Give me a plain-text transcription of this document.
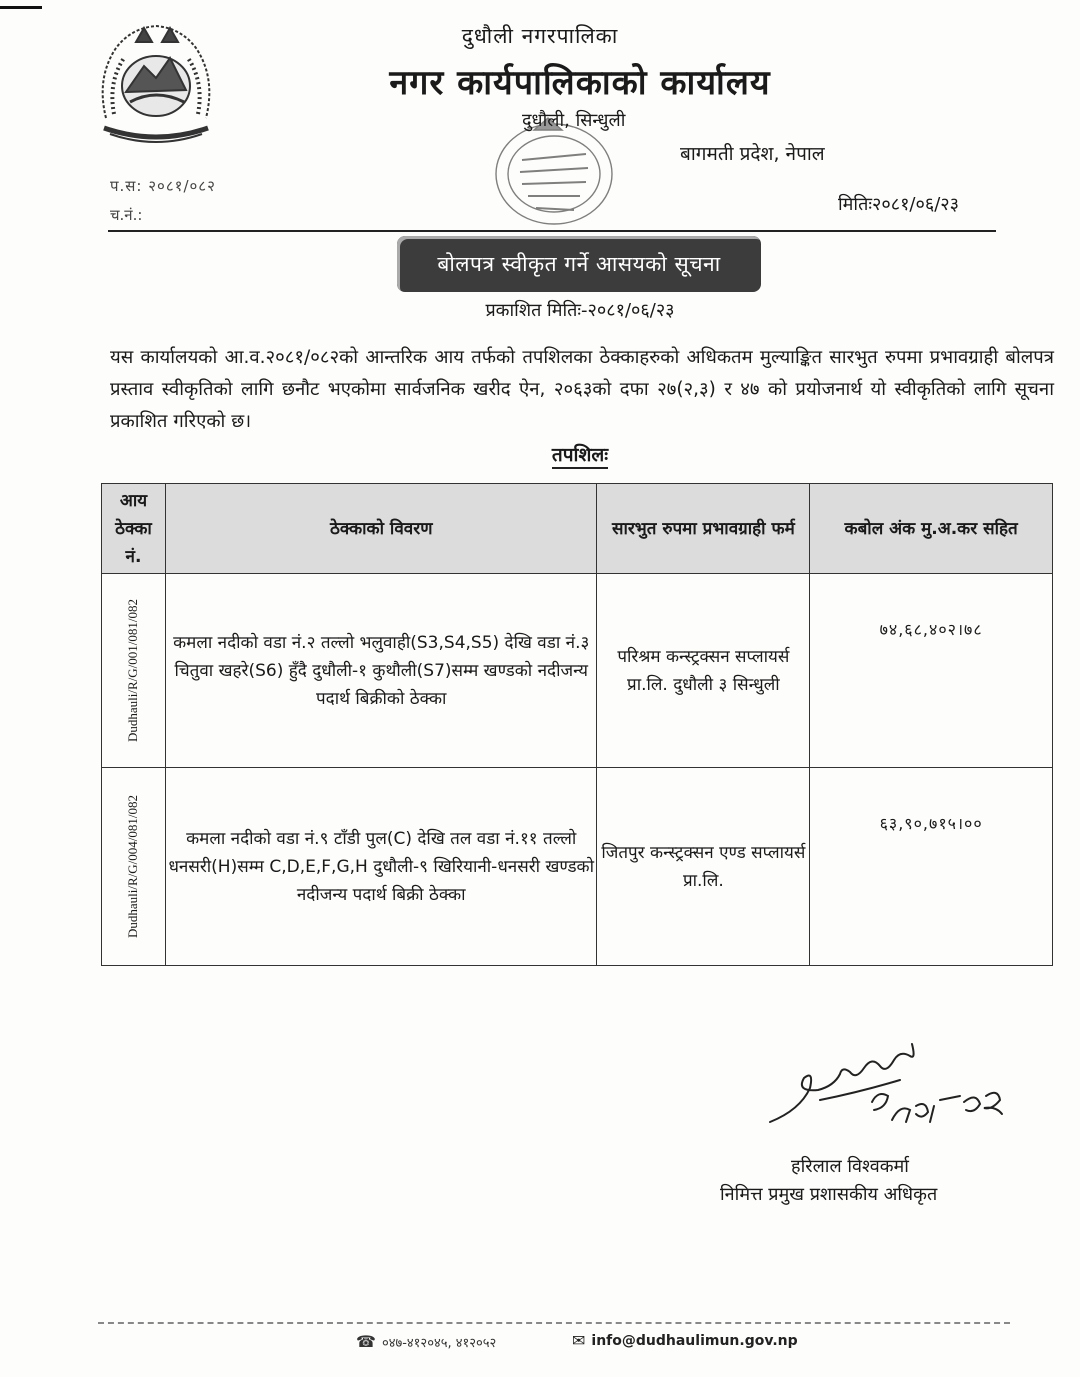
दुधौली नगरपालिका
नगर कार्यपालिकाको कार्यालय
दुधौली, सिन्धुली
बागमती प्रदेश, नेपाल
प.स: २०८१/०८२
च.नं.:	मितिः२०८१/०६/२३
बोलपत्र स्वीकृत गर्ने आसयको सूचना
प्रकाशित मितिः-२०८१/०६/२३
यस कार्यालयको आ.व.२०८१/०८२को आन्तरिक आय तर्फको तपशिलका ठेक्काहरुको अधिकतम मुल्याङ्कित सारभुत रुपमा प्रभावग्राही बोलपत्र प्रस्ताव स्वीकृतिको लागि छनौट भएकोमा सार्वजनिक खरीद ऐन, २०६३को दफा २७(२,३) र ४७ को प्रयोजनार्थ यो स्वीकृतिको लागि सूचना प्रकाशित गरिएको छ।
तपशिलः
आय ठेक्का नं.	ठेक्काको विवरण	सारभुत रुपमा प्रभावग्राही फर्म	कबोल अंक मु.अ.कर सहित

Dudhauli/R/G/001/081/082	कमला नदीको वडा नं.२ तल्लो भलुवाही(S3,S4,S5) देखि वडा नं.३ चितुवा खहरे(S6) हुँदै दुधौली-१ कुथौली(S7)सम्म खण्डको नदीजन्य पदार्थ बिक्रीको ठेक्का	परिश्रम कन्स्ट्रक्सन सप्लायर्स प्रा.लि. दुधौली ३ सिन्धुली	७४,६८,४०२।७८

Dudhauli/R/G/004/081/082	कमला नदीको वडा नं.९ टाँडी पुल(C) देखि तल वडा नं.११ तल्लो धनसरी(H)सम्म C,D,E,F,G,H दुधौली-९ खिरियानी-धनसरी खण्डको नदीजन्य पदार्थ बिक्री ठेक्का	जितपुर कन्स्ट्रक्सन एण्ड सप्लायर्स प्रा.लि.	६३,९०,७१५।००
हरिलाल विश्वकर्मा
निमित्त प्रमुख प्रशासकीय अधिकृत
☎ ०४७-४१२०४५, ४१२०५२	✉ info@dudhaulimun.gov.np
